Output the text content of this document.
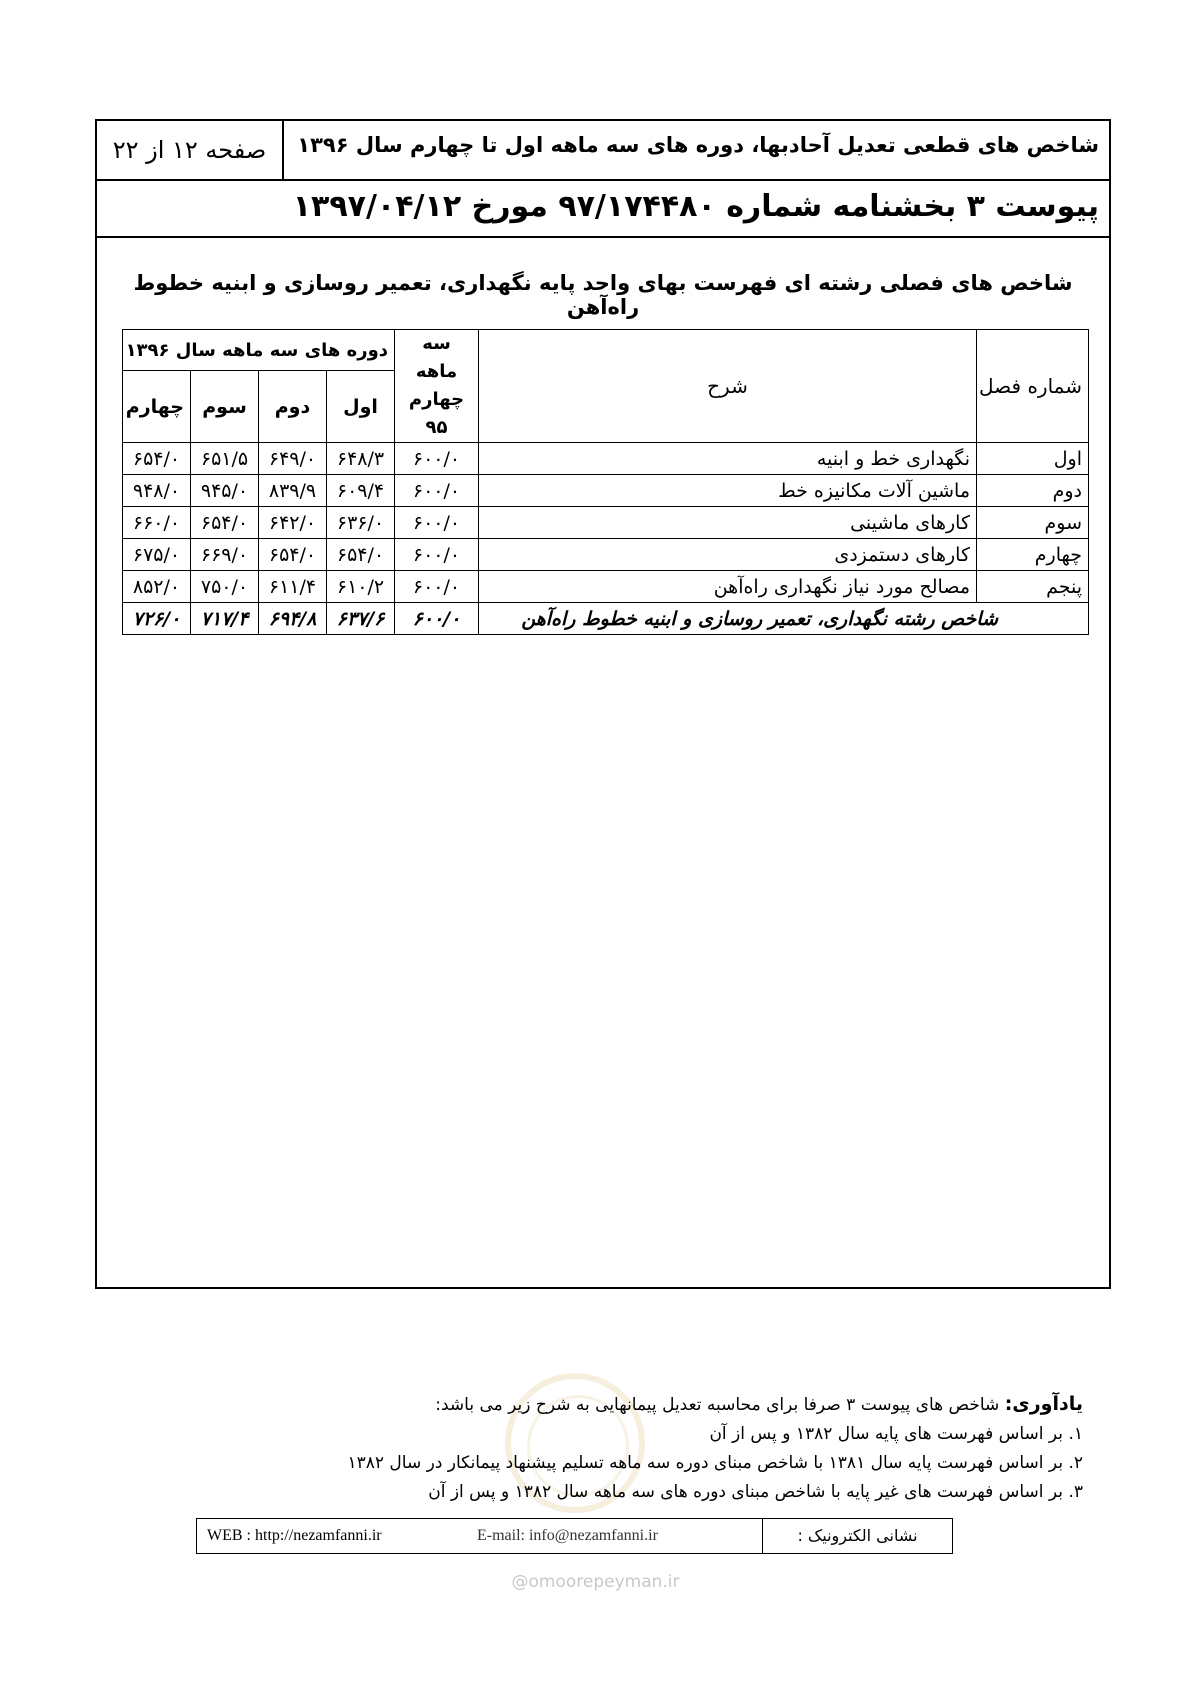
شاخص های قطعی تعدیل آحادبها، دوره های سه ماهه اول تا چهارم سال ۱۳۹۶
صفحه ۱۲ از ۲۲
پیوست ۳ بخشنامه شماره ۹۷/۱۷۴۴۸۰ مورخ ۱۳۹۷/۰۴/۱۲
شاخص های فصلی رشته ای فهرست بهای واحد پایه نگهداری، تعمیر روسازی و ابنیه خطوط راه‌آهن
شماره فصل	شرح	سه ماهه چهارم ۹۵	دوره های سه ماهه سال ۱۳۹۶			
			اول	دوم	سوم	چهارم
اول	نگهداری خط و ابنیه	۶۰۰/۰	۶۴۸/۳	۶۴۹/۰	۶۵۱/۵	۶۵۴/۰
دوم	ماشین آلات مکانیزه خط	۶۰۰/۰	۶۰۹/۴	۸۳۹/۹	۹۴۵/۰	۹۴۸/۰
سوم	کارهای ماشینی	۶۰۰/۰	۶۳۶/۰	۶۴۲/۰	۶۵۴/۰	۶۶۰/۰
چهارم	کارهای دستمزدی	۶۰۰/۰	۶۵۴/۰	۶۵۴/۰	۶۶۹/۰	۶۷۵/۰
پنجم	مصالح مورد نیاز نگهداری راه‌آهن	۶۰۰/۰	۶۱۰/۲	۶۱۱/۴	۷۵۰/۰	۸۵۲/۰
شاخص رشته نگهداری، تعمیر روسازی و ابنیه خطوط راه‌آهن		۶۰۰/۰	۶۳۷/۶	۶۹۴/۸	۷۱۷/۴	۷۲۶/۰
یادآوری: شاخص های پیوست ۳ صرفا برای محاسبه تعدیل پیمانهایی به شرح زیر می باشد:
۱. بر اساس فهرست های پایه سال ۱۳۸۲ و پس از آن
۲. بر اساس فهرست پایه سال ۱۳۸۱ با شاخص مبنای دوره سه ماهه تسلیم پیشنهاد پیمانکار در سال ۱۳۸۲
۳. بر اساس فهرست های غیر پایه با شاخص مبنای دوره های سه ماهه سال ۱۳۸۲ و پس از آن
نشانی الکترونیک :
E-mail: info@nezamfanni.ir
WEB : http://nezamfanni.ir
@omoorepeyman.ir
